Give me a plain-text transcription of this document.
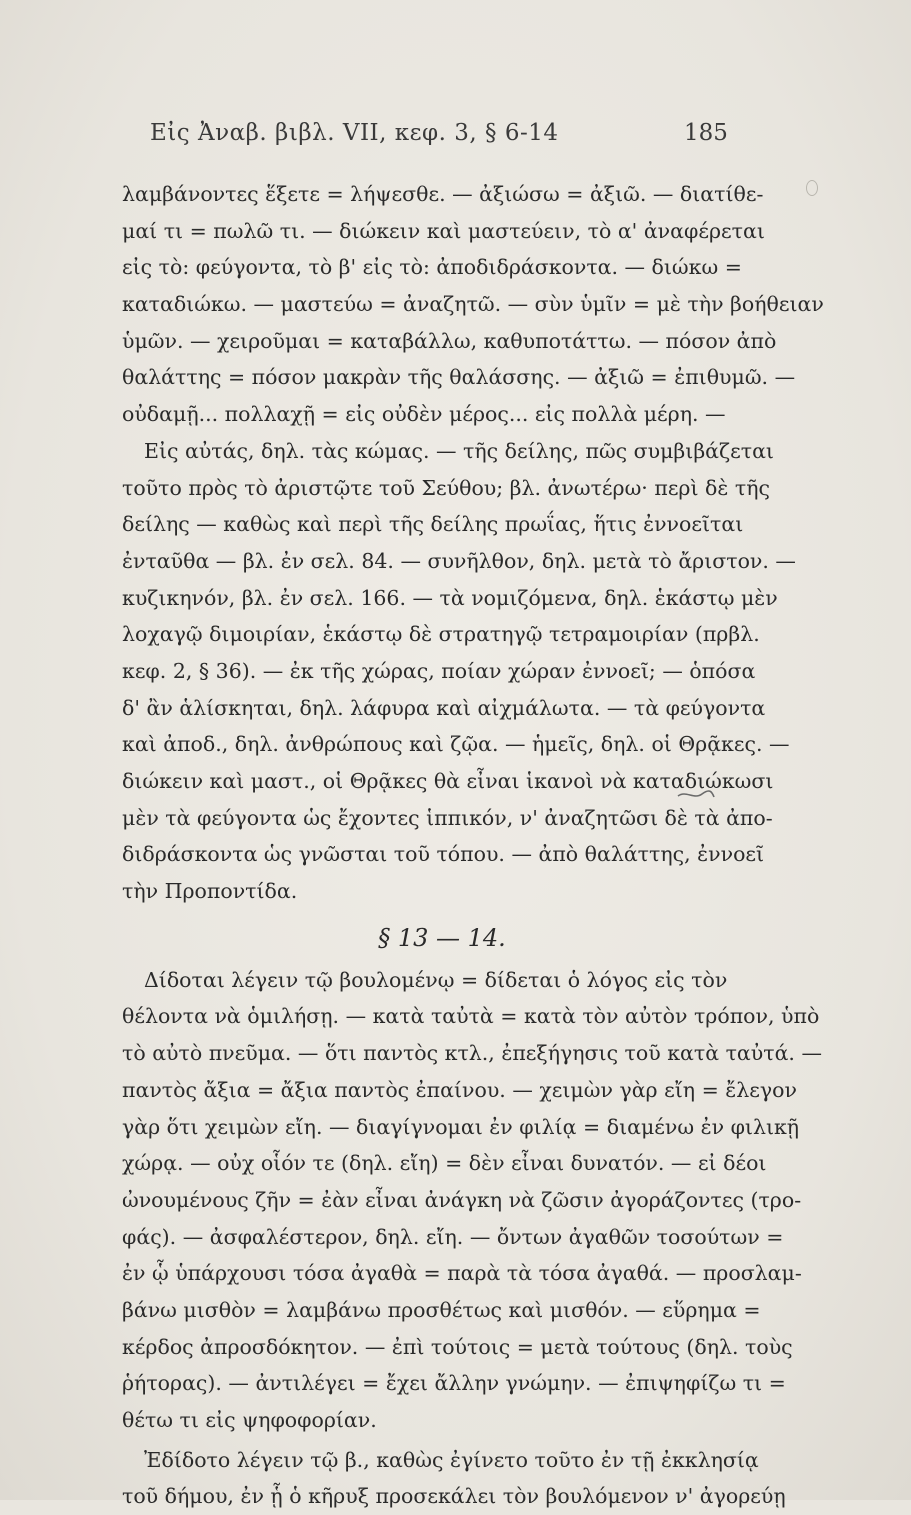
Εἰς Ἀναβ. βιβλ. VII, κεφ. 3, § 6-14	185
λαμβάνοντες ἕξετε = λήψεσθε. — ἀξιώσω = ἀξιῶ. — διατίθε-
μαί τι = πωλῶ τι. — διώκειν καὶ μαστεύειν, τὸ α' ἀναφέρεται
εἰς τὸ: φεύγοντα, τὸ β' εἰς τὸ: ἀποδιδράσκοντα. — διώκω =
καταδιώκω. — μαστεύω = ἀναζητῶ. — σὺν ὑμῖν = μὲ τὴν βοήθειαν
ὑμῶν. — χειροῦμαι = καταβάλλω, καθυποτάττω. — πόσον ἀπὸ
θαλάττης = πόσον μακρὰν τῆς θαλάσσης. — ἀξιῶ = ἐπιθυμῶ. —
οὐδαμῇ... πολλαχῇ = εἰς οὐδὲν μέρος... εἰς πολλὰ μέρη. —
Εἰς αὐτάς, δηλ. τὰς κώμας. — τῆς δείλης, πῶς συμβιβάζεται
τοῦτο πρὸς τὸ ἀριστῷτε τοῦ Σεύθου; βλ. ἀνωτέρω· περὶ δὲ τῆς
δείλης — καθὼς καὶ περὶ τῆς δείλης πρωΐας, ἥτις ἐννοεῖται
ἐνταῦθα — βλ. ἐν σελ. 84. — συνῆλθον, δηλ. μετὰ τὸ ἄριστον. —
κυζικηνόν, βλ. ἐν σελ. 166. — τὰ νομιζόμενα, δηλ. ἑκάστῳ μὲν
λοχαγῷ διμοιρίαν, ἑκάστῳ δὲ στρατηγῷ τετραμοιρίαν (πρβλ.
κεφ. 2, § 36). — ἐκ τῆς χώρας, ποίαν χώραν ἐννοεῖ; — ὁπόσα
δ' ἂν ἁλίσκηται, δηλ. λάφυρα καὶ αἰχμάλωτα. — τὰ φεύγοντα
καὶ ἀποδ., δηλ. ἀνθρώπους καὶ ζῷα. — ἡμεῖς, δηλ. οἱ Θρᾷκες. —
διώκειν καὶ μαστ., οἱ Θρᾷκες θὰ εἶναι ἱκανοὶ νὰ καταδιώκωσι
μὲν τὰ φεύγοντα ὡς ἔχοντες ἱππικόν, ν' ἀναζητῶσι δὲ τὰ ἀπο-
διδράσκοντα ὡς γνῶσται τοῦ τόπου. — ἀπὸ θαλάττης, ἐννοεῖ
τὴν Προποντίδα.
§ 13 — 14.
Δίδοται λέγειν τῷ βουλομένῳ = δίδεται ὁ λόγος εἰς τὸν
θέλοντα νὰ ὁμιλήσῃ. — κατὰ ταὐτὰ = κατὰ τὸν αὐτὸν τρόπον, ὑπὸ
τὸ αὐτὸ πνεῦμα. — ὅτι παντὸς κτλ., ἐπεξήγησις τοῦ κατὰ ταὐτά. —
παντὸς ἄξια = ἄξια παντὸς ἐπαίνου. — χειμὼν γὰρ εἴη = ἔλεγον
γὰρ ὅτι χειμὼν εἴη. — διαγίγνομαι ἐν φιλίᾳ = διαμένω ἐν φιλικῇ
χώρᾳ. — οὐχ οἷόν τε (δηλ. εἴη) = δὲν εἶναι δυνατόν. — εἰ δέοι
ὠνουμένους ζῆν = ἐὰν εἶναι ἀνάγκη νὰ ζῶσιν ἀγοράζοντες (τρο-
φάς). — ἀσφαλέστερον, δηλ. εἴη. — ὄντων ἀγαθῶν τοσούτων =
ἐν ᾧ ὑπάρχουσι τόσα ἀγαθὰ = παρὰ τὰ τόσα ἀγαθά. — προσλαμ-
βάνω μισθὸν = λαμβάνω προσθέτως καὶ μισθόν. — εὕρημα =
κέρδος ἀπροσδόκητον. — ἐπὶ τούτοις = μετὰ τούτους (δηλ. τοὺς
ῥήτορας). — ἀντιλέγει = ἔχει ἄλλην γνώμην. — ἐπιψηφίζω τι =
θέτω τι εἰς ψηφοφορίαν.
Ἐδίδοτο λέγειν τῷ β., καθὼς ἐγίνετο τοῦτο ἐν τῇ ἐκκλησίᾳ
τοῦ δήμου, ἐν ᾗ ὁ κῆρυξ προσεκάλει τὸν βουλόμενον ν' ἀγορεύῃ
